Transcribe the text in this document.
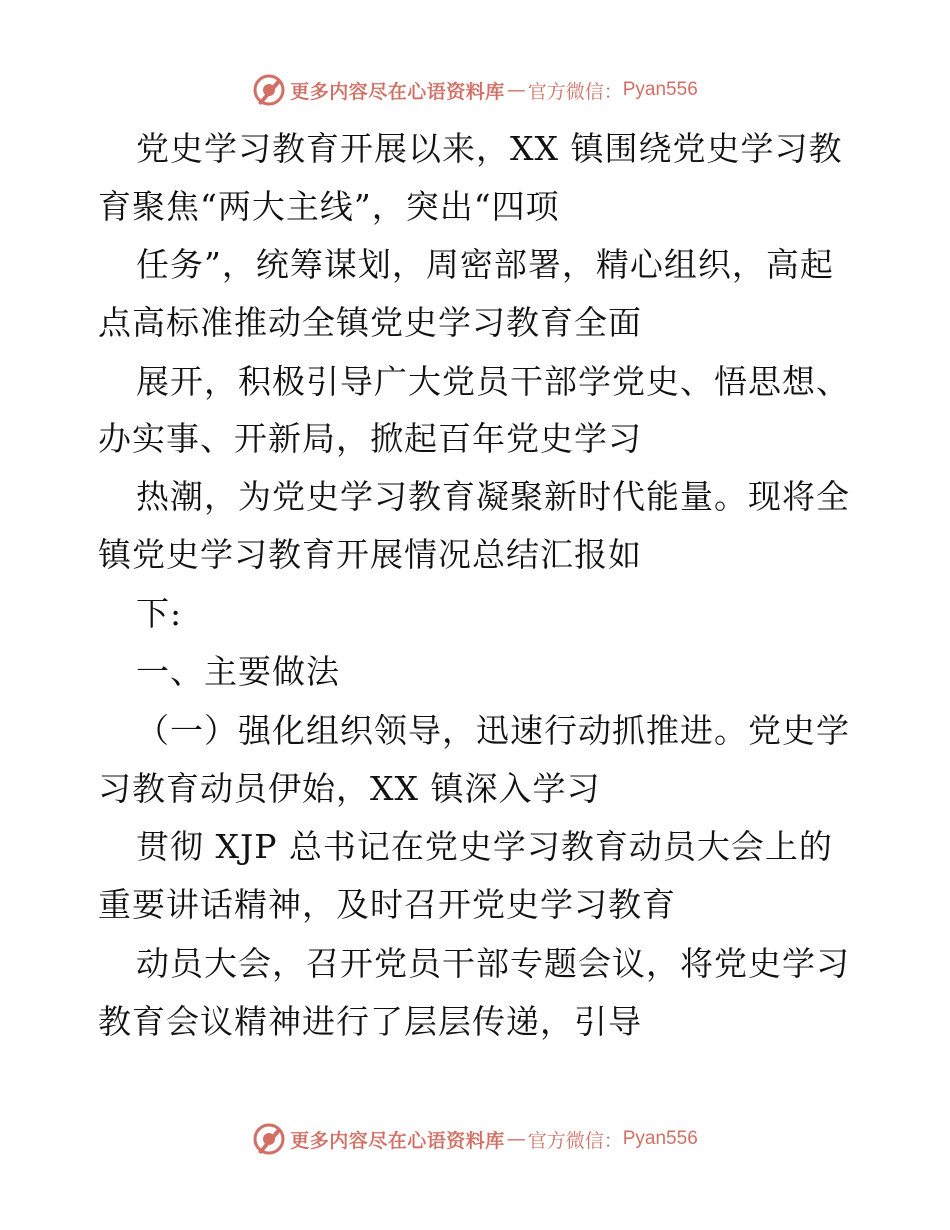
更多内容尽在心语资料库 — 官方微信： Pyan556
党史学习教育开展以来，XX 镇围绕党史学习教
育聚焦“两大主线”，突出“四项
任务”，统筹谋划，周密部署，精心组织，高起
点高标准推动全镇党史学习教育全面
展开，积极引导广大党员干部学党史、悟思想、
办实事、开新局，掀起百年党史学习
热潮，为党史学习教育凝聚新时代能量。现将全
镇党史学习教育开展情况总结汇报如
下:
一、主要做法
（一）强化组织领导，迅速行动抓推进。党史学
习教育动员伊始，XX 镇深入学习
贯彻 XJP 总书记在党史学习教育动员大会上的
重要讲话精神，及时召开党史学习教育
动员大会，召开党员干部专题会议，将党史学习
教育会议精神进行了层层传递，引导
更多内容尽在心语资料库 — 官方微信： Pyan556
